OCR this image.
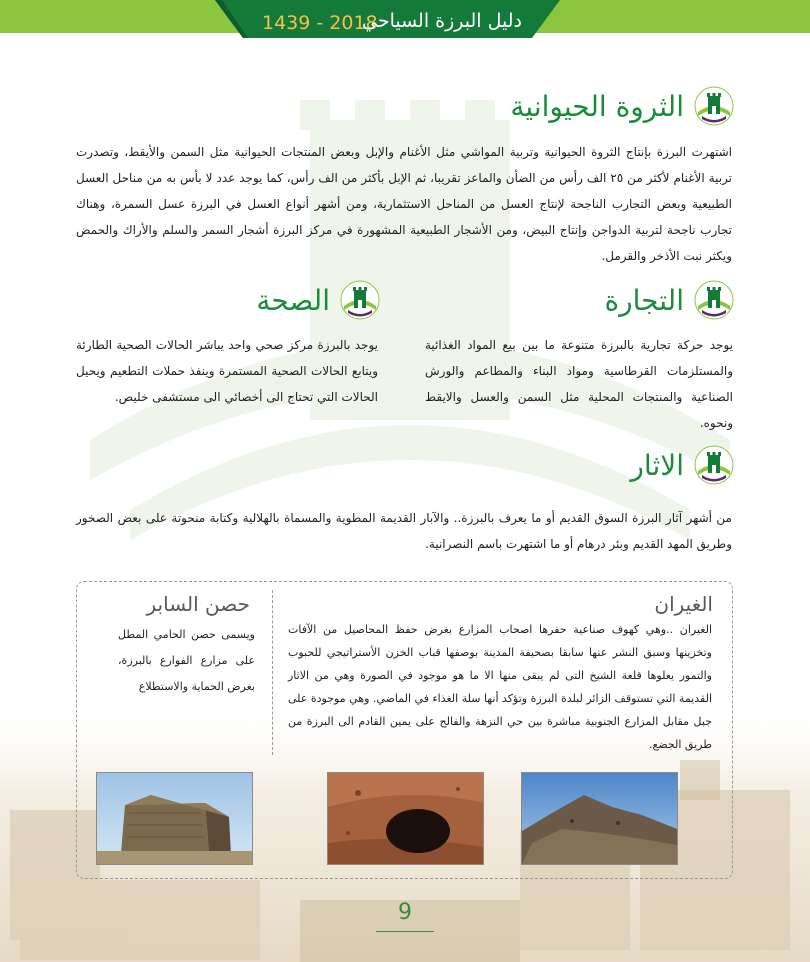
1439 - 2018
دليل البرزة السياحي
الثروة الحيوانية

اشتهرت البرزة بإنتاج الثروة الحيوانية وتربية المواشي مثل الأغنام والإبل وبعض المنتجات الحيوانية مثل السمن والأيقط، وتصدرت تربية الأغنام لأكثر من ٢٥ الف رأس من الضأن والماعز تقريبا، ثم الإبل بأكثر من الف رأس، كما يوجد عدد لا بأس به من مناحل العسل الطبيعية وبعض التجارب الناجحة لإنتاج العسل من المناحل الاستثمارية، ومن أشهر أنواع العسل في البرزة عسل السمرة، وهناك تجارب ناجحة لتربية الدواجن وإنتاج البيض، ومن الأشجار الطبيعية المشهورة في مركز البرزة أشجار السمر والسلم والأراك والحمض ويكثر نبت الأذخر والقرمل.

التجارة

يوجد حركة تجارية بالبرزة متنوعة ما بين بيع المواد الغذائية والمستلزمات القرطاسية ومواد البناء والمطاعم والورش الصناعية والمنتجات المحلية مثل السمن والعسل والايقط ونحوه.

الصحة

يوجد بالبرزة مركز صحي واحد يباشر الحالات الصحية الطارئة ويتابع الحالات الصحية المستمرة وينفذ حملات التطعيم ويحيل الحالات التي تحتاج الى أخصائي الى مستشفى خليص.

الاثار

من أشهر آثار البرزة السوق القديم أو ما يعرف بالبرزة.. والآبار القديمة المطوية والمسماة بالهلالية وكتابة منحوتة على بعض الصخور وطريق المهد القديم وبئر درهام أو ما اشتهرت باسم النصرانية.

الغيران

الغيران ..وهي كهوف صناعية حفرها اصحاب المزارع بغرض حفظ المحاصيل من الآفات وتخزينها وسبق النشر عنها سابقا بصحيفة المدينة بوصفها قباب الخزن الأستراتيجي للحبوب والتمور يعلوها قلعة الشيخ التى لم يبقى منها الا ما هو موجود في الصورة وهي من الاثار القديمة التي تستوقف الزائر لبلدة البرزة وتؤكد أنها سلة الغذاء في الماضي. وهي موجودة على جبل مقابل المزارع الجنوبية مباشرة بين حي النزهة والفالح على يمين القادم الى البرزة من طريق الجضع.

حصن السابر

ويسمى حصن الحامي المطل على مزارع الفوارع بالبرزة، بغرض الحماية والاستطلاع

9
